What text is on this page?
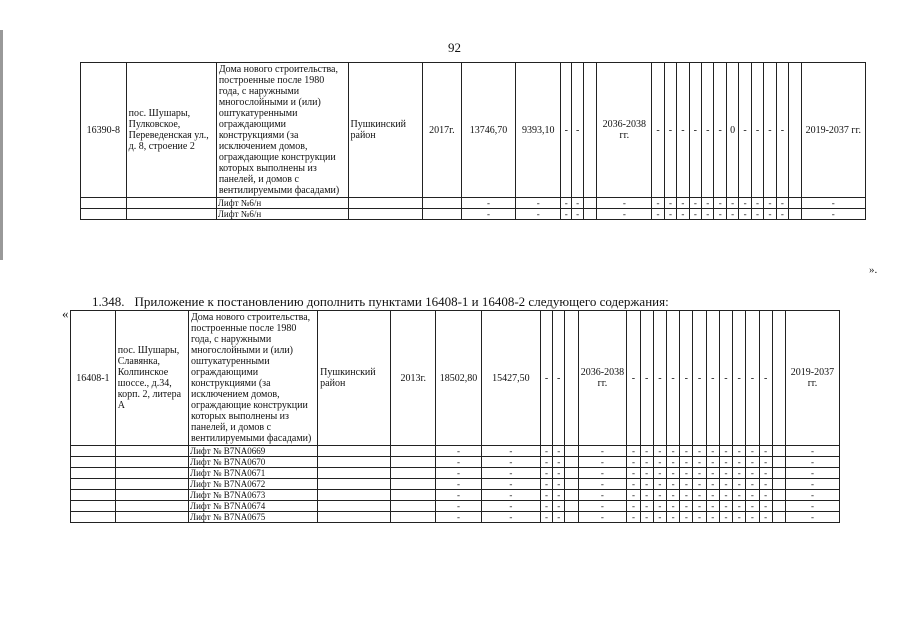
92
16390-8	пос. Шушары, Пулковское, Переведенская ул., д. 8, строение 2	Дома нового строительства, построенные после 1980 года, с наружными многослойными и (или) оштукатуренными ограждающими конструкциями (за исключением домов, ограждающие конструкции которых выполнены из панелей, и домов с вентилируемыми фасадами)	Пушкинский район	2017г.	13746,70	9393,10	-	-		2036-2038 гг.	-	-	-	-	-	-	0	-	-	-	-		2019-2037 гг.
		Лифт №6/н			-	-	-	-		-	-	-	-	-	-	-	-	-	-	-	-		-
		Лифт №6/н			-	-	-	-		-	-	-	-	-	-	-	-	-	-	-	-		-
».
1.348. Приложение к постановлению дополнить пунктами 16408-1 и 16408-2 следующего содержания:
«
16408-1	пос. Шушары, Славянка, Колпинское шоссе., д.34, корп. 2, литера А	Дома нового строительства, построенные после 1980 года, с наружными многослойными и (или) оштукатуренными ограждающими конструкциями (за исключением домов, ограждающие конструкции которых выполнены из панелей, и домов с вентилируемыми фасадами)	Пушкинский район	2013г.	18502,80	15427,50	-	-		2036-2038 гг.	-	-	-	-	-	-	-	-	-	-	-		2019-2037 гг.
		Лифт № B7NA0669			-	-	-	-		-	-	-	-	-	-	-	-	-	-	-	-		-
		Лифт № B7NA0670			-	-	-	-		-	-	-	-	-	-	-	-	-	-	-	-		-
		Лифт № B7NA0671			-	-	-	-		-	-	-	-	-	-	-	-	-	-	-	-		-
		Лифт № B7NA0672			-	-	-	-		-	-	-	-	-	-	-	-	-	-	-	-		-
		Лифт № B7NA0673			-	-	-	-		-	-	-	-	-	-	-	-	-	-	-	-		-
		Лифт № B7NA0674			-	-	-	-		-	-	-	-	-	-	-	-	-	-	-	-		-
		Лифт № B7NA0675			-	-	-	-		-	-	-	-	-	-	-	-	-	-	-	-		-
